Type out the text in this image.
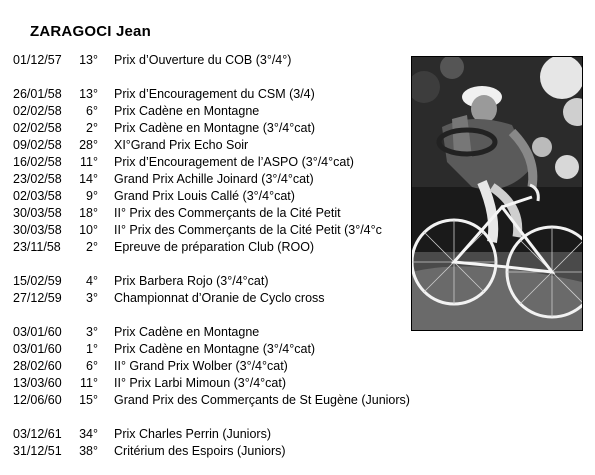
ZARAGOCI Jean
01/12/57	13° Prix d’Ouverture du COB (3°/4°)
26/01/58	13° Prix d’Encouragement du CSM (3/4)
02/02/58	6° Prix Cadène en Montagne
02/02/58	2° Prix Cadène en Montagne (3°/4°cat)
09/02/58	28° XI°Grand Prix Echo Soir
16/02/58	11° Prix d’Encouragement de l’ASPO (3°/4°cat)
23/02/58	14° Grand Prix Achille Joinard (3°/4°cat)
02/03/58	9° Grand Prix Louis Callé (3°/4°cat)
30/03/58	18° II° Prix des Commerçants de la Cité Petit
30/03/58	10° II° Prix des Commerçants de la Cité Petit (3°/4°c
23/11/58	2° Epreuve de préparation Club (ROO)
15/02/59	4° Prix Barbera Rojo (3°/4°cat)
27/12/59	3° Championnat d’Oranie de Cyclo cross
03/01/60	3° Prix Cadène en Montagne
03/01/60	1° Prix Cadène en Montagne (3°/4°cat)
28/02/60	6° II° Grand Prix Wolber (3°/4°cat)
13/03/60	11° II° Prix Larbi Mimoun (3°/4°cat)
12/06/60	15° Grand Prix des Commerçants de St Eugène (Juniors)
03/12/61	34° Prix Charles Perrin (Juniors)
31/12/51	38° Critérium des Espoirs (Juniors)
